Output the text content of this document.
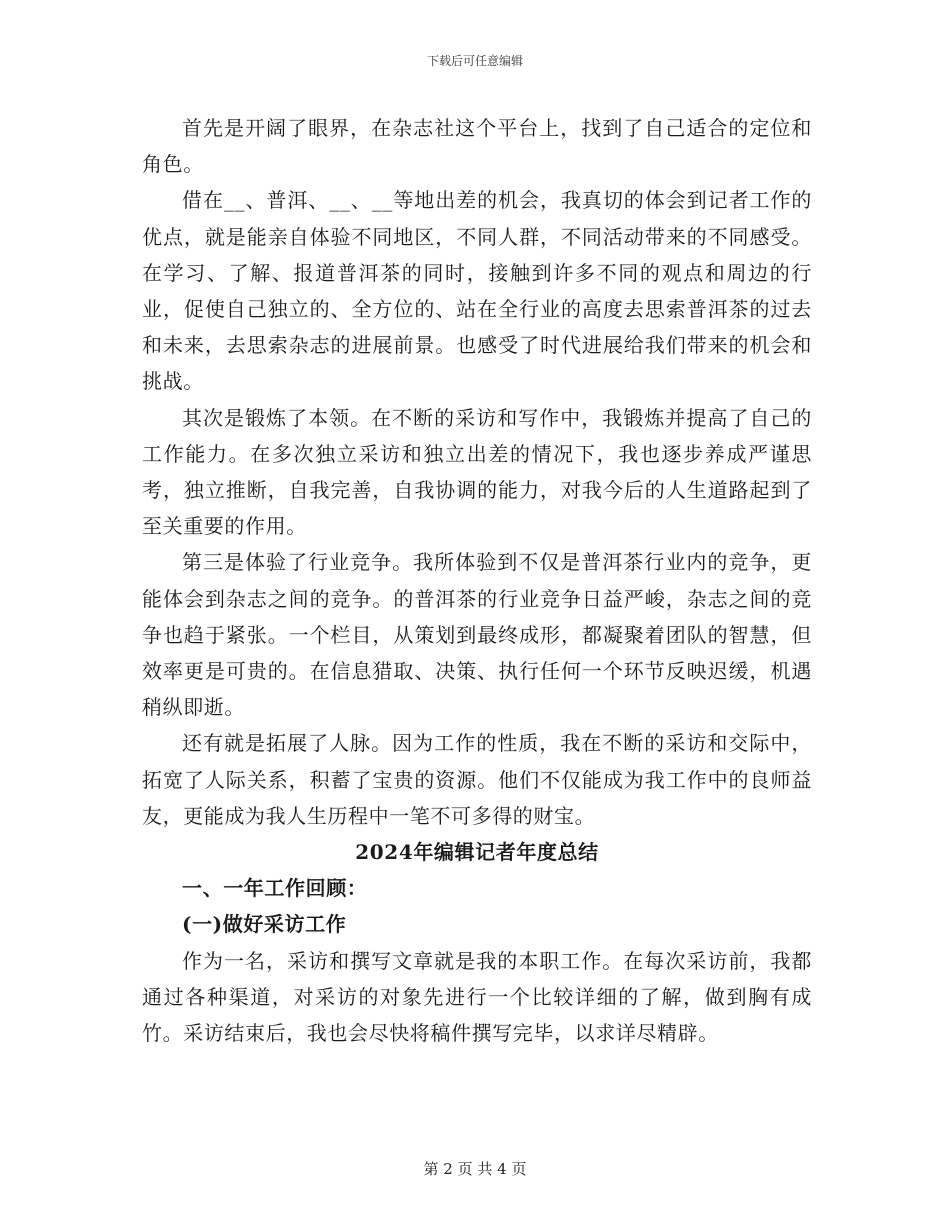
下载后可任意编辑

首先是开阔了眼界，在杂志社这个平台上，找到了自己适合的定位和角色。

借在__、普洱、__、__等地出差的机会，我真切的体会到记者工作的优点，就是能亲自体验不同地区，不同人群，不同活动带来的不同感受。在学习、了解、报道普洱茶的同时，接触到许多不同的观点和周边的行业，促使自己独立的、全方位的、站在全行业的高度去思索普洱茶的过去和未来，去思索杂志的进展前景。也感受了时代进展给我们带来的机会和挑战。

其次是锻炼了本领。在不断的采访和写作中，我锻炼并提高了自己的工作能力。在多次独立采访和独立出差的情况下，我也逐步养成严谨思考，独立推断，自我完善，自我协调的能力，对我今后的人生道路起到了至关重要的作用。

第三是体验了行业竞争。我所体验到不仅是普洱茶行业内的竞争，更能体会到杂志之间的竞争。的普洱茶的行业竞争日益严峻，杂志之间的竞争也趋于紧张。一个栏目，从策划到最终成形，都凝聚着团队的智慧，但效率更是可贵的。在信息猎取、决策、执行任何一个环节反映迟缓，机遇稍纵即逝。

还有就是拓展了人脉。因为工作的性质，我在不断的采访和交际中，拓宽了人际关系，积蓄了宝贵的资源。他们不仅能成为我工作中的良师益友，更能成为我人生历程中一笔不可多得的财宝。

2024年编辑记者年度总结

一、一年工作回顾：

(一)做好采访工作

作为一名，采访和撰写文章就是我的本职工作。在每次采访前，我都通过各种渠道，对采访的对象先进行一个比较详细的了解，做到胸有成竹。采访结束后，我也会尽快将稿件撰写完毕，以求详尽精辟。

第 2 页 共 4 页
